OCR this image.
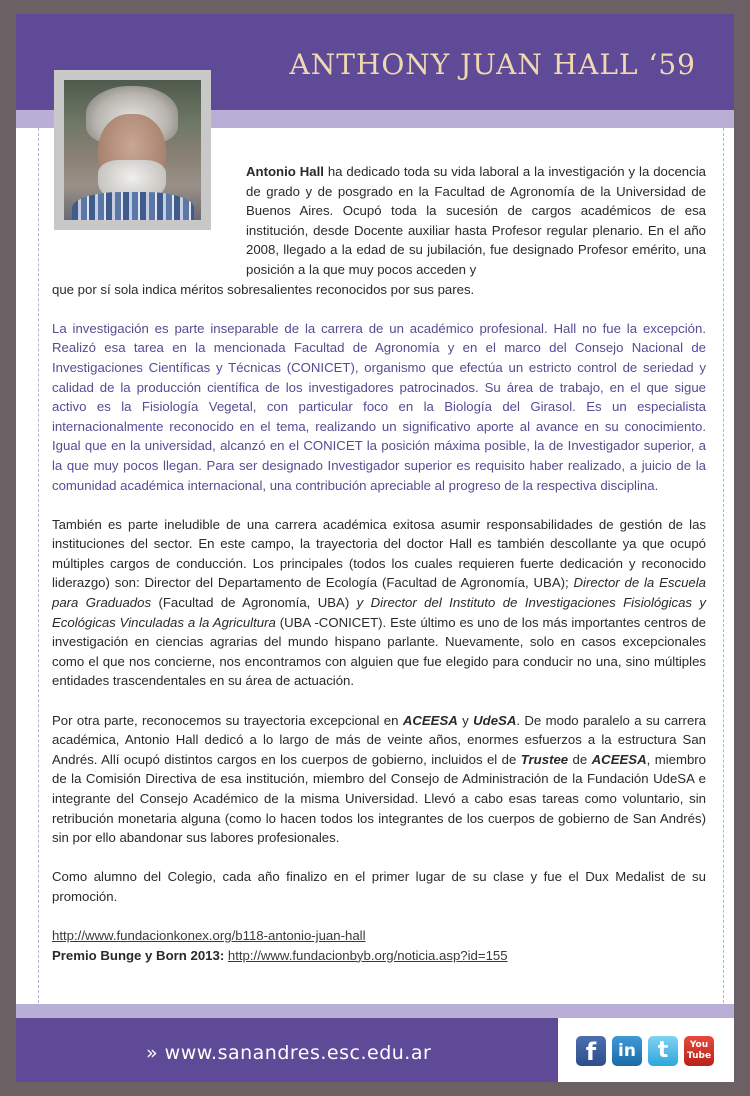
ANTHONY JUAN HALL ‘59

Antonio Hall ha dedicado toda su vida laboral a la investigación y la docencia de grado y de posgrado en la Facultad de Agronomía de la Universidad de Buenos Aires. Ocupó toda la sucesión de cargos académicos de esa institución, desde Docente auxiliar hasta Profesor regular plenario. En el año 2008, llegado a la edad de su jubilación, fue designado Profesor emérito, una posición a la que muy pocos acceden y

que por sí sola indica méritos sobresalientes reconocidos por sus pares.

La investigación es parte inseparable de la carrera de un académico profesional. Hall no fue la excepción. Realizó esa tarea en la mencionada Facultad de Agronomía y en el marco del Consejo Nacional de Investigaciones Científicas y Técnicas (CONICET), organismo que efectúa un estricto control de seriedad y calidad de la producción científica de los investigadores patrocinados. Su área de trabajo, en el que sigue activo es la Fisiología Vegetal, con particular foco en la Biología del Girasol. Es un especialista internacionalmente reconocido en el tema, realizando un significativo aporte al avance en su conocimiento. Igual que en la universidad, alcanzó en el CONICET la posición máxima posible, la de Investigador superior, a la que muy pocos llegan. Para ser designado Investigador superior es requisito haber realizado, a juicio de la comunidad académica internacional, una contribución apreciable al progreso de la respectiva disciplina.

También es parte ineludible de una carrera académica exitosa asumir responsabilidades de gestión de las instituciones del sector. En este campo, la trayectoria del doctor Hall es también descollante ya que ocupó múltiples cargos de conducción. Los principales (todos los cuales requieren fuerte dedicación y reconocido liderazgo) son: Director del Departamento de Ecología (Facultad de Agronomía, UBA); Director de la Escuela para Graduados (Facultad de Agronomía, UBA) y Director del Instituto de Investigaciones Fisiológicas y Ecológicas Vinculadas a la Agricultura (UBA -CONICET). Este último es uno de los más importantes centros de investigación en ciencias agrarias del mundo hispano parlante. Nuevamente, solo en casos excepcionales como el que nos concierne, nos encontramos con alguien que fue elegido para conducir no una, sino múltiples entidades trascendentales en su área de actuación.

Por otra parte, reconocemos su trayectoria excepcional en ACEESA y UdeSA. De modo paralelo a su carrera académica, Antonio Hall dedicó a lo largo de más de veinte años, enormes esfuerzos a la estructura San Andrés. Allí ocupó distintos cargos en los cuerpos de gobierno, incluidos el de Trustee de ACEESA, miembro de la Comisión Directiva de esa institución, miembro del Consejo de Administración de la Fundación UdeSA e integrante del Consejo Académico de la misma Universidad. Llevó a cabo esas tareas como voluntario, sin retribución monetaria alguna (como lo hacen todos los integrantes de los cuerpos de gobierno de San Andrés) sin por ello abandonar sus labores profesionales.

Como alumno del Colegio, cada año finalizo en el primer lugar de su clase y fue el Dux Medalist de su promoción.

http://www.fundacionkonex.org/b118-antonio-juan-hall
Premio Bunge y Born 2013: http://www.fundacionbyb.org/noticia.asp?id=155
» www.sanandres.esc.edu.ar	f	in t	You Tube
